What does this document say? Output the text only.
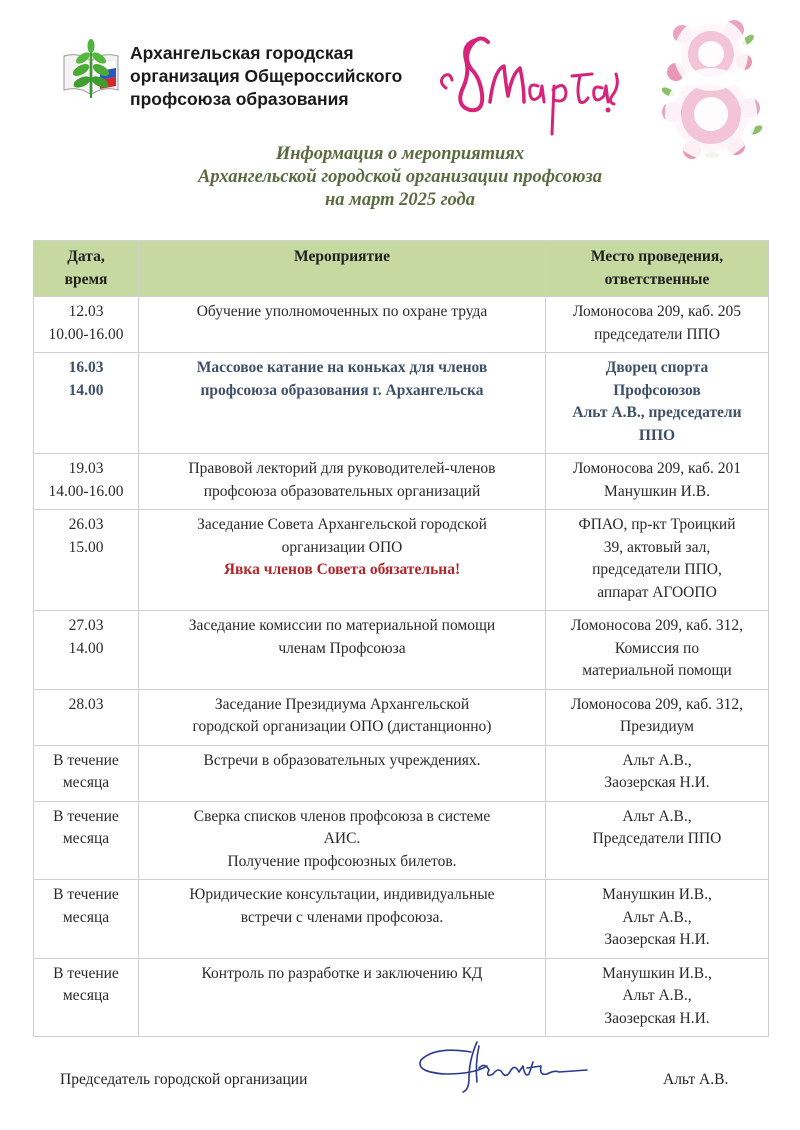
Архангельская городская
организация Общероссийского
профсоюза образования
Информация о мероприятиях
Архангельской городской организации профсоюза
на март 2025 года
Дата,
время	Мероприятие	Место проведения,
ответственные

12.03
10.00-16.00	Обучение уполномоченных по охране труда	Ломоносова 209, каб. 205
председатели ППО

16.03
14.00	Массовое катание на коньках для членов
профсоюза образования г. Архангельска	Дворец спорта
Профсоюзов
Альт А.В., председатели
ППО

19.03
14.00-16.00	Правовой лекторий для руководителей-членов
профсоюза образовательных организаций	Ломоносова 209, каб. 201
Манушкин И.В.

26.03
15.00	Заседание Совета Архангельской городской
организации ОПО
Явка членов Совета обязательна!	ФПАО, пр-кт Троицкий
39, актовый зал,
председатели ППО,
аппарат АГООПО

27.03
14.00	Заседание комиссии по материальной помощи
членам Профсоюза	Ломоносова 209, каб. 312,
Комиссия по
материальной помощи

28.03	Заседание Президиума Архангельской
городской организации ОПО (дистанционно)	Ломоносова 209, каб. 312,
Президиум

В течение
месяца	Встречи в образовательных учреждениях.	Альт А.В.,
Заозерская Н.И.

В течение
месяца	Сверка списков членов профсоюза в системе
АИС.
Получение профсоюзных билетов.	Альт А.В.,
Председатели ППО

В течение
месяца	Юридические консультации, индивидуальные
встречи с членами профсоюза.	Манушкин И.В.,
Альт А.В.,
Заозерская Н.И.

В течение
месяца	Контроль по разработке и заключению КД	Манушкин И.В.,
Альт А.В.,
Заозерская Н.И.
Председатель городской организации	Альт А.В.
